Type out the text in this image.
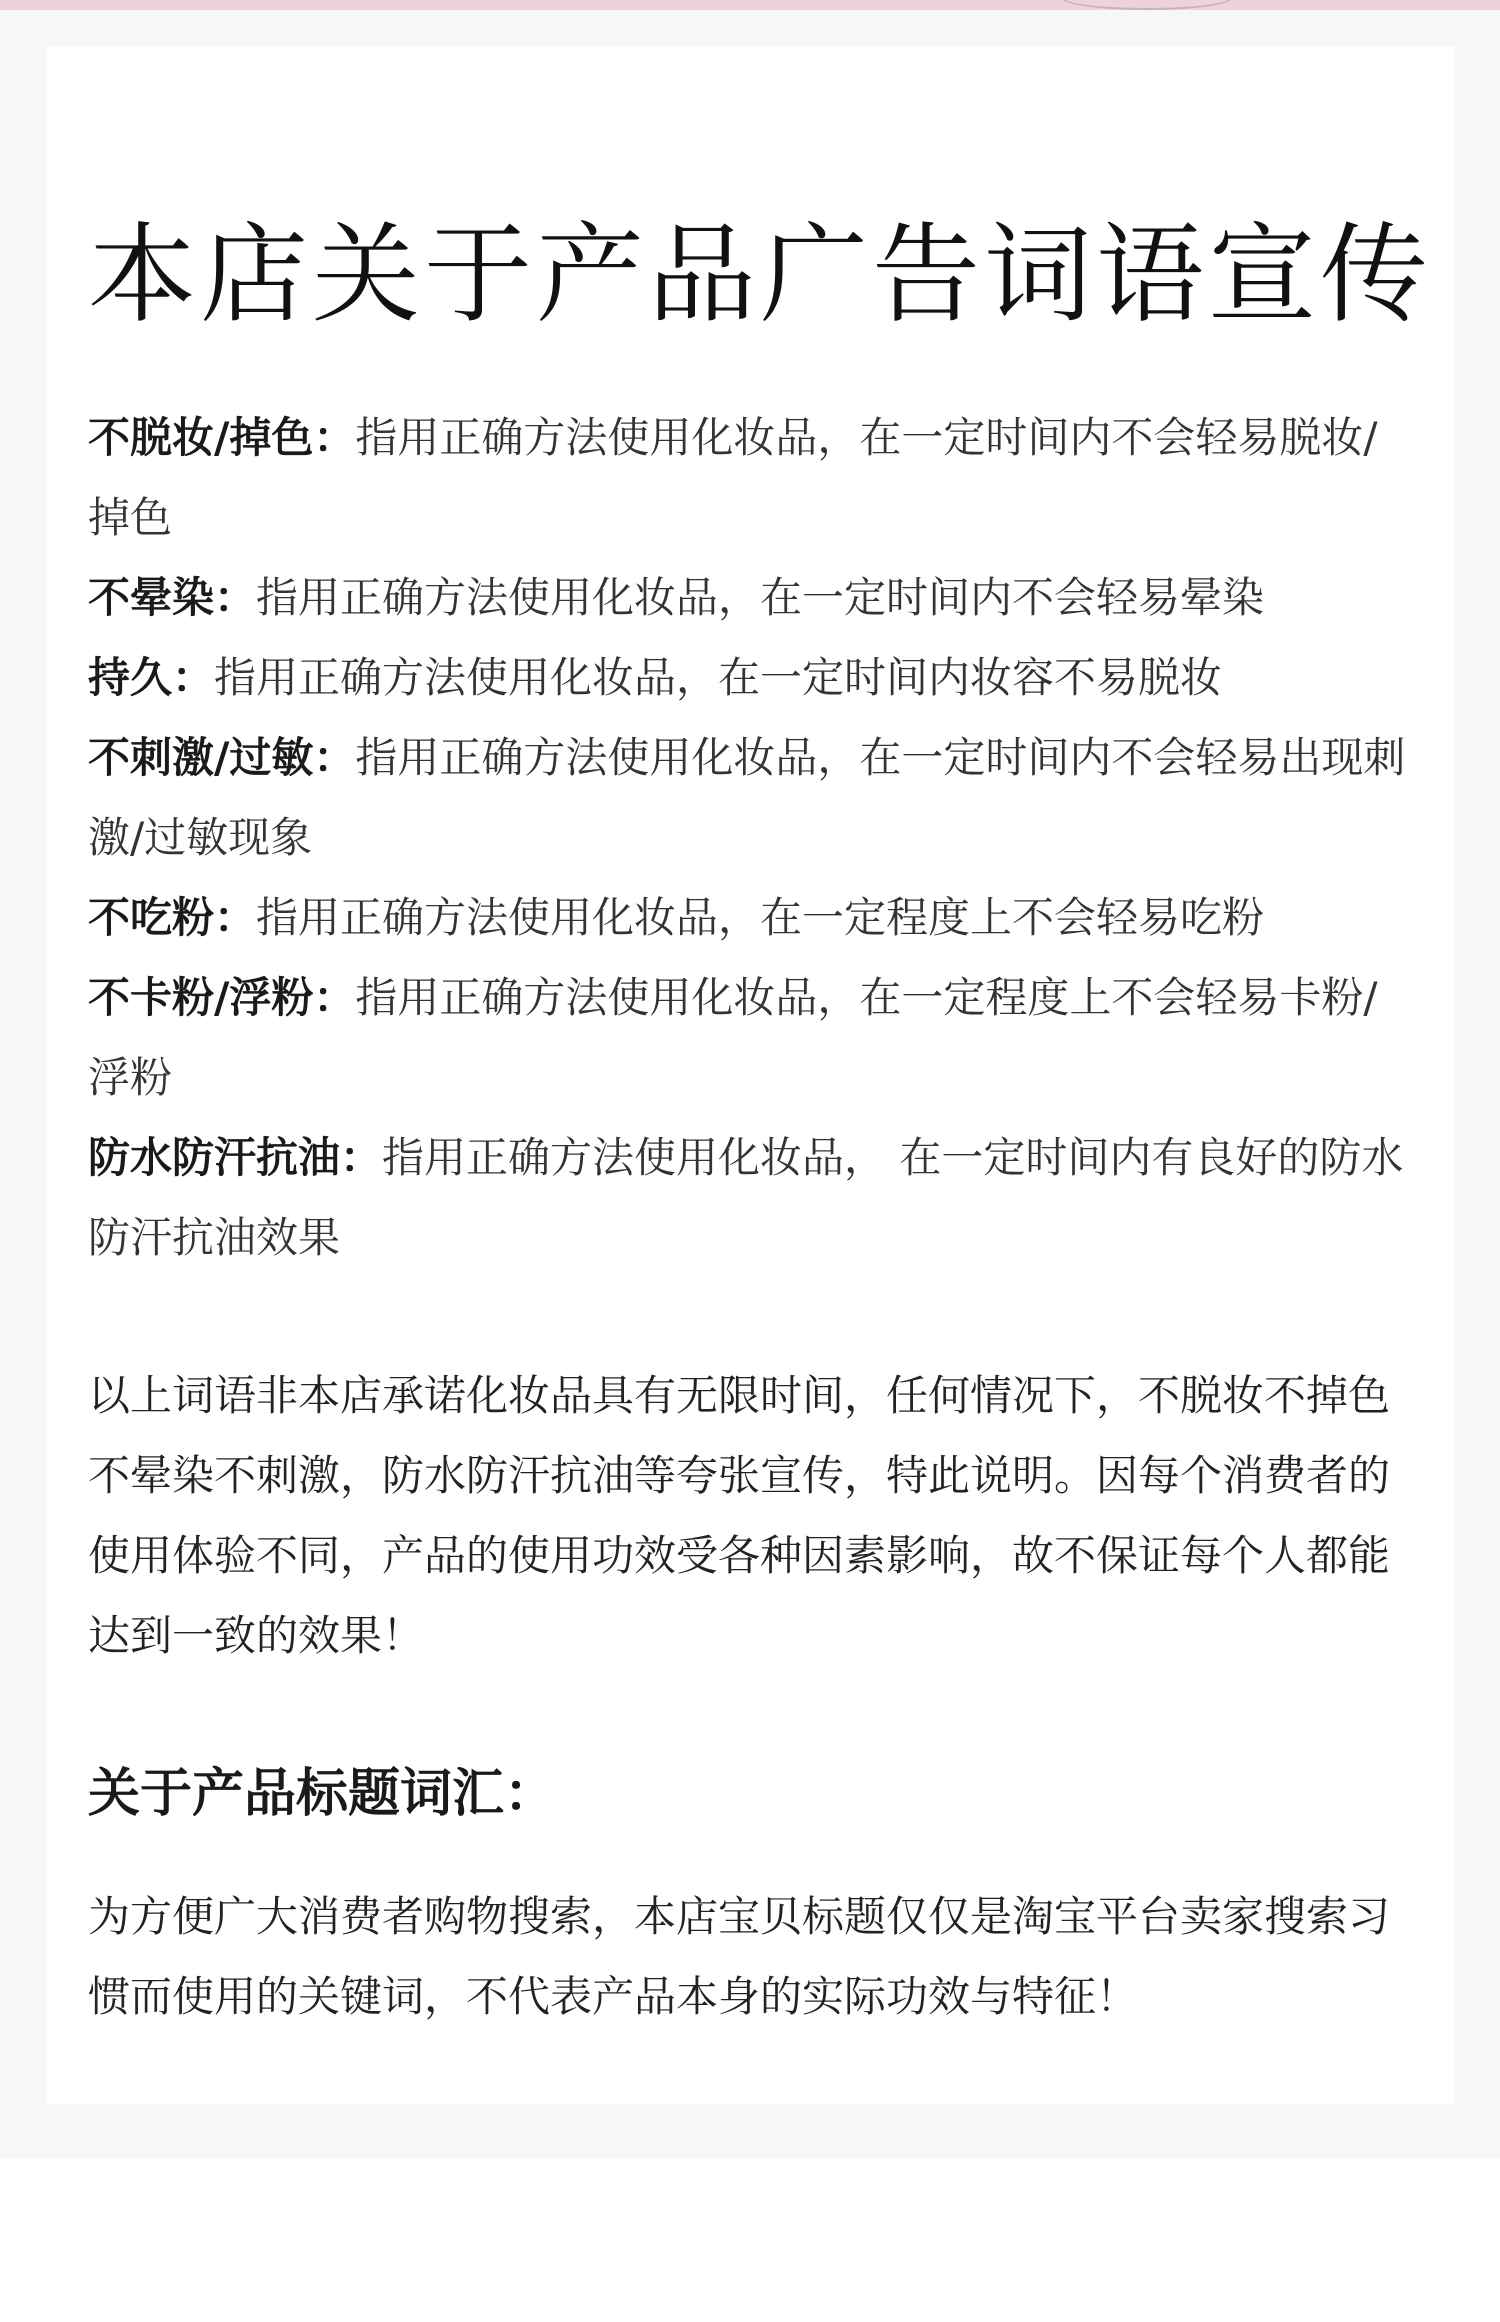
本店关于产品广告词语宣传

不脱妆/掉色：指用正确方法使用化妆品，在一定时间内不会轻易脱妆/掉色

不晕染：指用正确方法使用化妆品，在一定时间内不会轻易晕染

持久：指用正确方法使用化妆品，在一定时间内妆容不易脱妆

不刺激/过敏：指用正确方法使用化妆品，在一定时间内不会轻易出现刺激/过敏现象

不吃粉：指用正确方法使用化妆品，在一定程度上不会轻易吃粉

不卡粉/浮粉：指用正确方法使用化妆品，在一定程度上不会轻易卡粉/浮粉

防水防汗抗油：指用正确方法使用化妆品， 在一定时间内有良好的防水防汗抗油效果

以上词语非本店承诺化妆品具有无限时间，任何情况下，不脱妆不掉色不晕染不刺激，防水防汗抗油等夸张宣传，特此说明。因每个消费者的使用体验不同，产品的使用功效受各种因素影响，故不保证每个人都能达到一致的效果！

关于产品标题词汇：

为方便广大消费者购物搜索，本店宝贝标题仅仅是淘宝平台卖家搜索习惯而使用的关键词，不代表产品本身的实际功效与特征！
